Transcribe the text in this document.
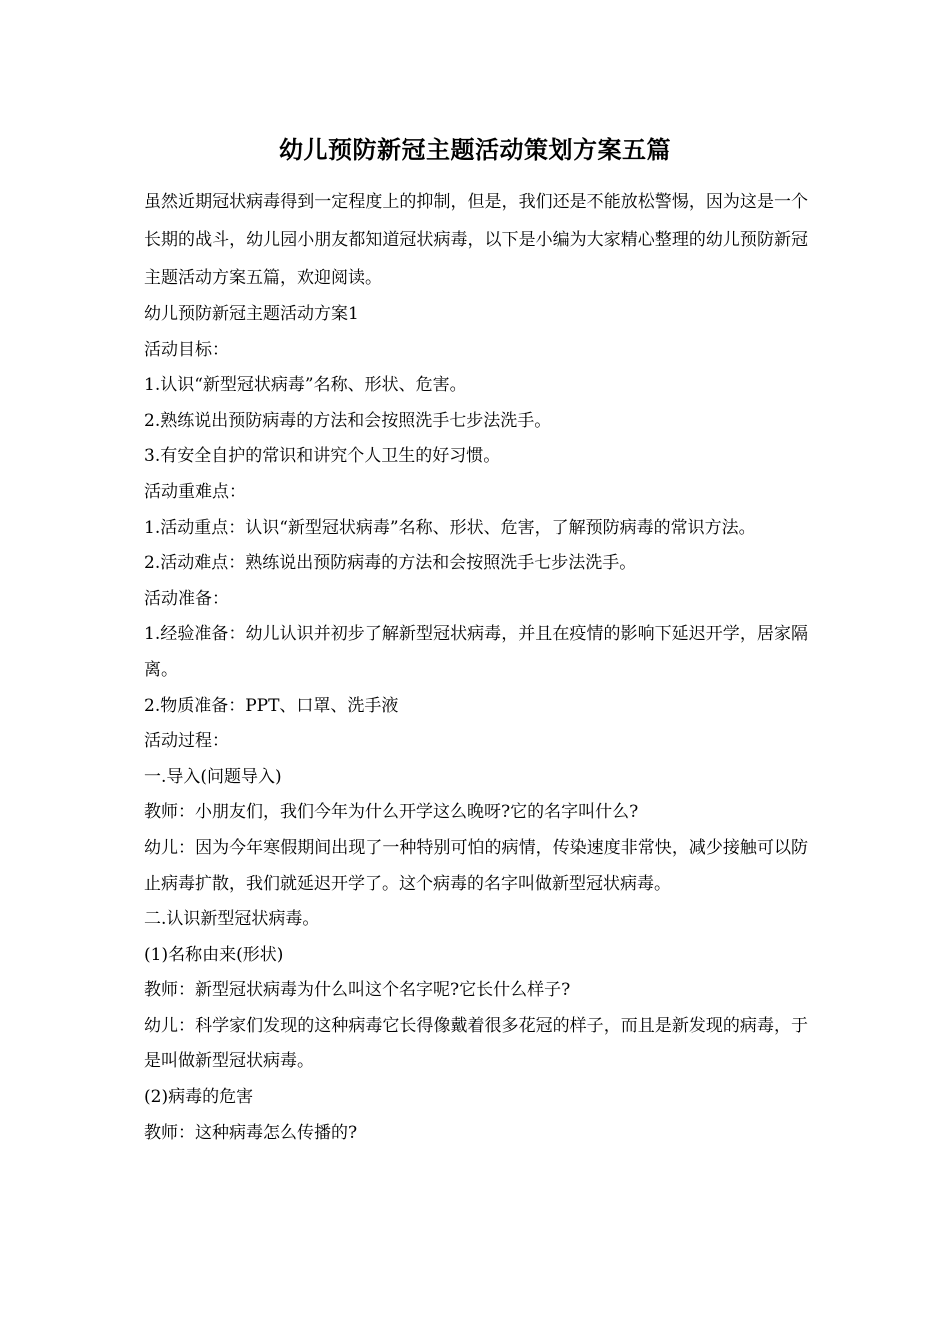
幼儿预防新冠主题活动策划方案五篇

虽然近期冠状病毒得到一定程度上的抑制，但是，我们还是不能放松警惕，因为这是一个长期的战斗，幼儿园小朋友都知道冠状病毒，以下是小编为大家精心整理的幼儿预防新冠主题活动方案五篇，欢迎阅读。

幼儿预防新冠主题活动方案1

活动目标：

1.认识“新型冠状病毒”名称、形状、危害。

2.熟练说出预防病毒的方法和会按照洗手七步法洗手。

3.有安全自护的常识和讲究个人卫生的好习惯。

活动重难点：

1.活动重点：认识“新型冠状病毒”名称、形状、危害，了解预防病毒的常识方法。

2.活动难点：熟练说出预防病毒的方法和会按照洗手七步法洗手。

活动准备：

1.经验准备：幼儿认识并初步了解新型冠状病毒，并且在疫情的影响下延迟开学，居家隔离。

2.物质准备：PPT、口罩、洗手液

活动过程：

一.导入(问题导入)

教师：小朋友们，我们今年为什么开学这么晚呀?它的名字叫什么?

幼儿：因为今年寒假期间出现了一种特别可怕的病情，传染速度非常快，减少接触可以防止病毒扩散，我们就延迟开学了。这个病毒的名字叫做新型冠状病毒。

二.认识新型冠状病毒。

(1)名称由来(形状)

教师：新型冠状病毒为什么叫这个名字呢?它长什么样子?

幼儿：科学家们发现的这种病毒它长得像戴着很多花冠的样子，而且是新发现的病毒，于是叫做新型冠状病毒。

(2)病毒的危害

教师：这种病毒怎么传播的?
